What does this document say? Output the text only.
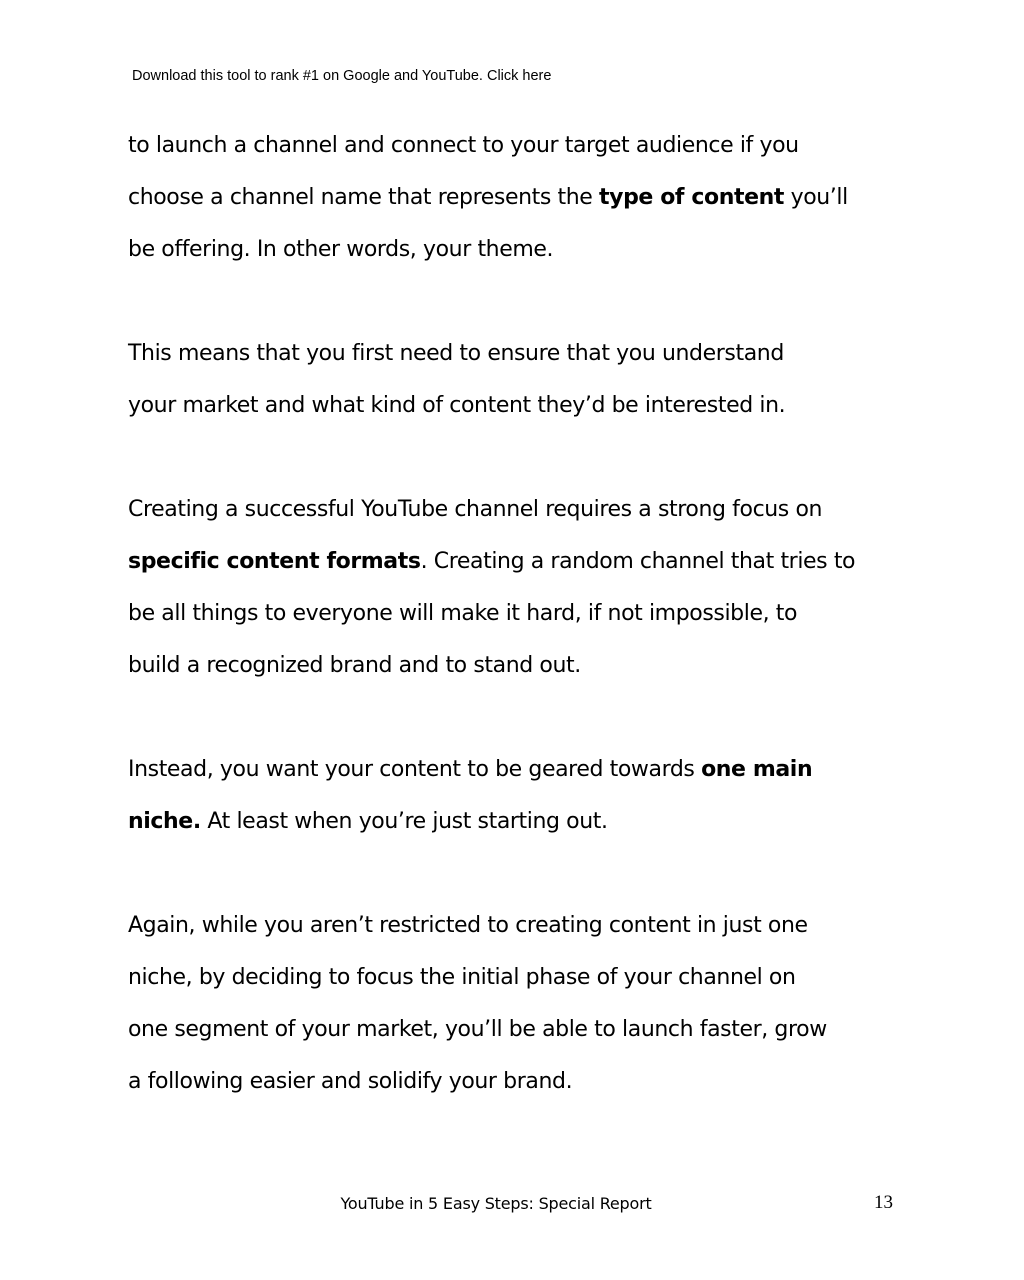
Download this tool to rank #1 on Google and YouTube. Click here

to launch a channel and connect to your target audience if you
choose a channel name that represents the type of content you’ll
be offering. In other words, your theme.

This means that you first need to ensure that you understand
your market and what kind of content they’d be interested in.

Creating a successful YouTube channel requires a strong focus on
specific content formats. Creating a random channel that tries to
be all things to everyone will make it hard, if not impossible, to
build a recognized brand and to stand out.

Instead, you want your content to be geared towards one main
niche. At least when you’re just starting out.

Again, while you aren’t restricted to creating content in just one
niche, by deciding to focus the initial phase of your channel on
one segment of your market, you’ll be able to launch faster, grow
a following easier and solidify your brand.

YouTube in 5 Easy Steps: Special Report	13
